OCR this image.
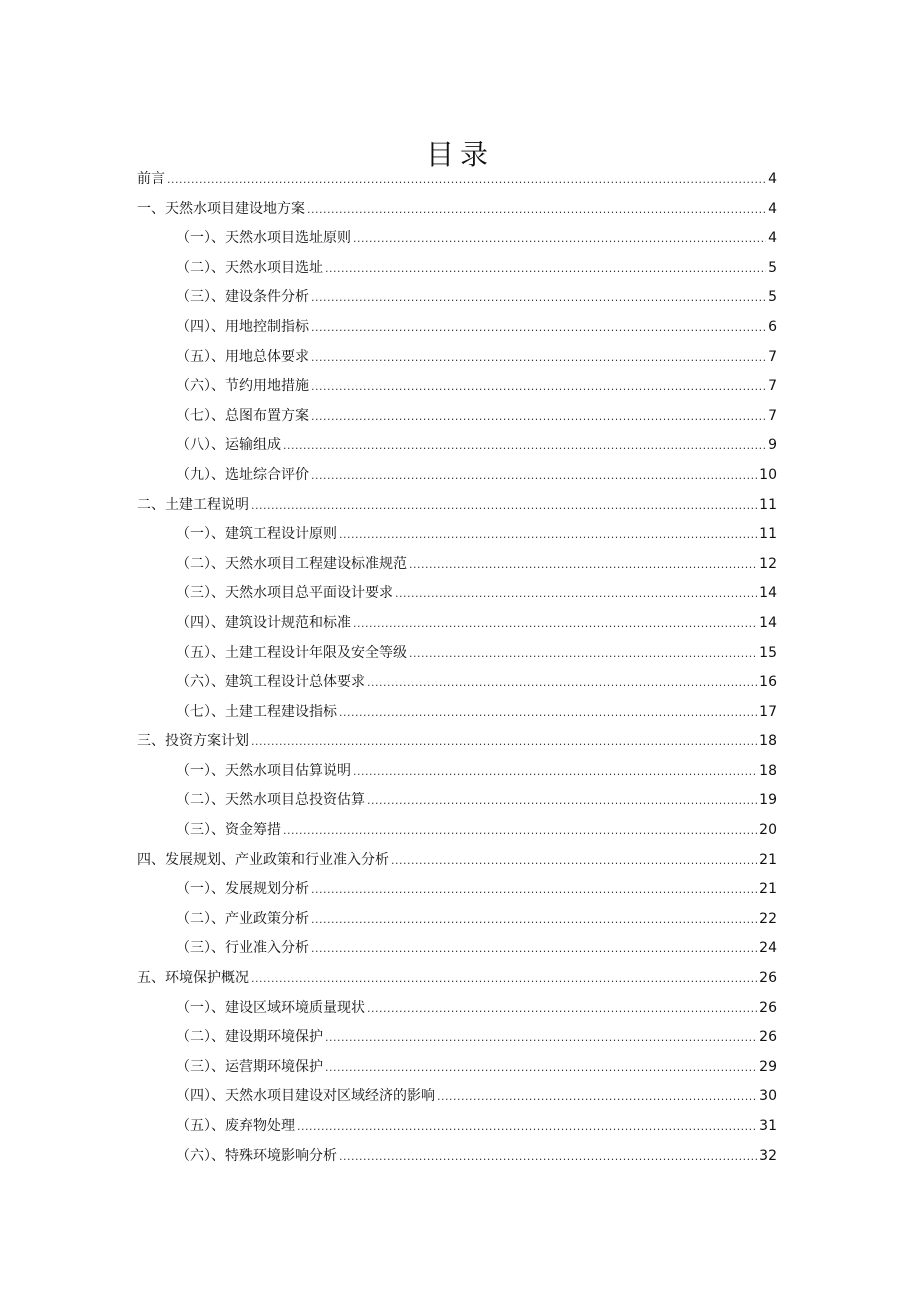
目录
前言 .....	4
一、天然水项目建设地方案 .....	4
（一）、天然水项目选址原则 .....	4
（二）、天然水项目选址 .....	5
（三）、建设条件分析 .....	5
（四）、用地控制指标 .....	6
（五）、用地总体要求 .....	7
（六）、节约用地措施 .....	7
（七）、总图布置方案 .....	7
（八）、运输组成 .....	9
（九）、选址综合评价 .....	10
二、土建工程说明 .....	11
（一）、建筑工程设计原则 .....	11
（二）、天然水项目工程建设标准规范 .....	12
（三）、天然水项目总平面设计要求 .....	14
（四）、建筑设计规范和标准 .....	14
（五）、土建工程设计年限及安全等级 .....	15
（六）、建筑工程设计总体要求 .....	16
（七）、土建工程建设指标 .....	17
三、投资方案计划 .....	18
（一）、天然水项目估算说明 .....	18
（二）、天然水项目总投资估算 .....	19
（三）、资金筹措 .....	20
四、发展规划、产业政策和行业准入分析 .....	21
（一）、发展规划分析 .....	21
（二）、产业政策分析 .....	22
（三）、行业准入分析 .....	24
五、环境保护概况 .....	26
（一）、建设区域环境质量现状 .....	26
（二）、建设期环境保护 .....	26
（三）、运营期环境保护 .....	29
（四）、天然水项目建设对区域经济的影响 .....	30
（五）、废弃物处理 .....	31
（六）、特殊环境影响分析 .....	32
